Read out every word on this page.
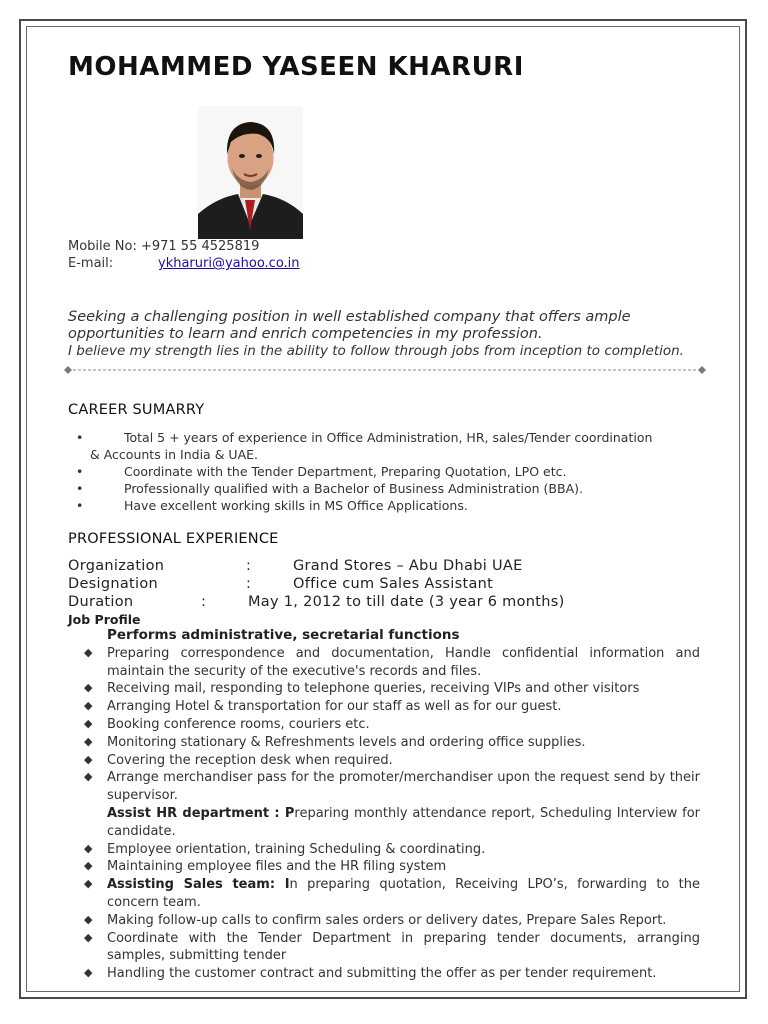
MOHAMMED YASEEN KHARURI
Mobile No: +971 55 4525819
E-mail:	ykharuri@yahoo.co.in
Seeking a challenging position in well established company that offers ample
opportunities to learn and enrich competencies in my profession.
I believe my strength lies in the ability to follow through jobs from inception to completion.
CAREER SUMARRY
•	Total 5 + years of experience in Office Administration, HR, sales/Tender coordination
& Accounts in India & UAE.
•	Coordinate with the Tender Department, Preparing Quotation, LPO etc.
•	Professionally qualified with a Bachelor of Business Administration (BBA).
•	Have excellent working skills in MS Office Applications.
PROFESSIONAL EXPERIENCE
Organization	:	Grand Stores – Abu Dhabi UAE
Designation	:	Office cum Sales Assistant
Duration	:	May 1, 2012 to till date (3 year 6 months)
Job Profile
Performs administrative, secretarial functions
◆ Preparing correspondence and documentation, Handle confidential information and maintain the security of the executive's records and files.
◆ Receiving mail, responding to telephone queries, receiving VIPs and other visitors
◆ Arranging Hotel & transportation for our staff as well as for our guest.
◆ Booking conference rooms, couriers etc.
◆ Monitoring stationary & Refreshments levels and ordering office supplies.
◆ Covering the reception desk when required.
◆ Arrange merchandiser pass for the promoter/merchandiser upon the request send by their supervisor.
Assist HR department : Preparing monthly attendance report, Scheduling Interview for candidate.
◆ Employee orientation, training Scheduling & coordinating.
◆ Maintaining employee files and the HR filing system
◆ Assisting Sales team: In preparing quotation, Receiving LPO’s, forwarding to the concern team.
◆ Making follow-up calls to confirm sales orders or delivery dates, Prepare Sales Report.
◆ Coordinate with the Tender Department in preparing tender documents, arranging samples, submitting tender
◆ Handling the customer contract and submitting the offer as per tender requirement.
